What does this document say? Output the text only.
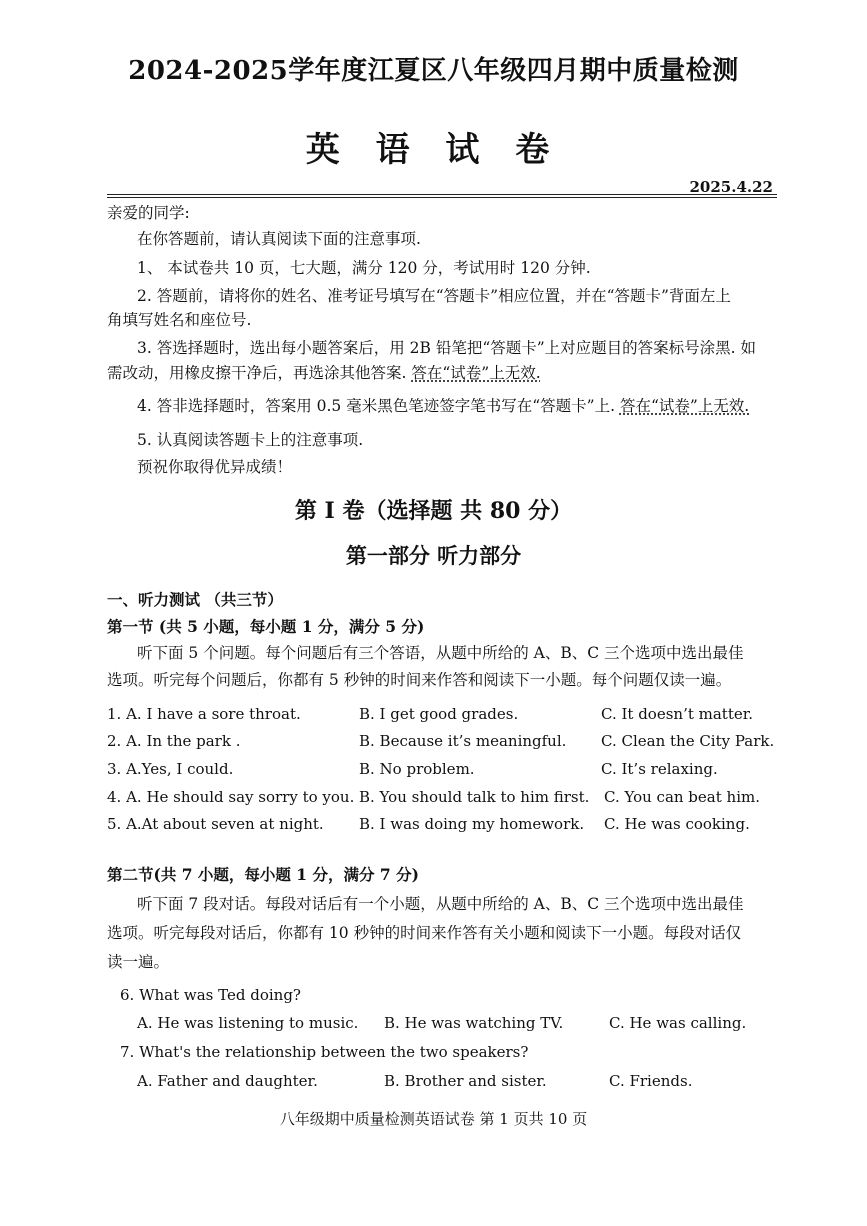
2024-2025学年度江夏区八年级四月期中质量检测
英 语 试 卷
2025.4.22
亲爱的同学:
在你答题前，请认真阅读下面的注意事项.
1、 本试卷共 10 页，七大题，满分 120 分，考试用时 120 分钟.
2. 答题前，请将你的姓名、准考证号填写在“答题卡”相应位置，并在“答题卡”背面左上
角填写姓名和座位号.
3. 答选择题时，选出每小题答案后，用 2B 铅笔把“答题卡”上对应题目的答案标号涂黑. 如
需改动，用橡皮擦干净后，再选涂其他答案. 答在“试卷”上无效.
4. 答非选择题时，答案用 0.5 毫米黑色笔迹签字笔书写在“答题卡”上. 答在“试卷”上无效.
5. 认真阅读答题卡上的注意事项.
预祝你取得优异成绩！
第 I 卷（选择题 共 80 分）
第一部分 听力部分
一、听力测试 （共三节）
第一节 (共 5 小题，每小题 1 分，满分 5 分)
听下面 5 个问题。每个问题后有三个答语，从题中所给的 A、B、C 三个选项中选出最佳
选项。听完每个问题后，你都有 5 秒钟的时间来作答和阅读下一小题。每个问题仅读一遍。
1. A. I have a sore throat.	B. I get good grades.	C. It doesn’t matter.
2. A. In the park .	B. Because it’s meaningful. C. Clean the City Park.
3. A.Yes, I could.	B. No problem.	C. It’s relaxing.
4. A. He should say sorry to you. B. You should talk to him first. C. You can beat him.
5. A.At about seven at night. B. I was doing my homework. C. He was cooking.
第二节(共 7 小题，每小题 1 分，满分 7 分)
听下面 7 段对话。每段对话后有一个小题，从题中所给的 A、B、C 三个选项中选出最佳
选项。听完每段对话后，你都有 10 秒钟的时间来作答有关小题和阅读下一小题。每段对话仅
读一遍。
6. What was Ted doing?
A. He was listening to music. B. He was watching TV.	C. He was calling.
7. What's the relationship between the two speakers?
A. Father and daughter.	B. Brother and sister.	C. Friends.
八年级期中质量检测英语试卷 第 1 页共 10 页
